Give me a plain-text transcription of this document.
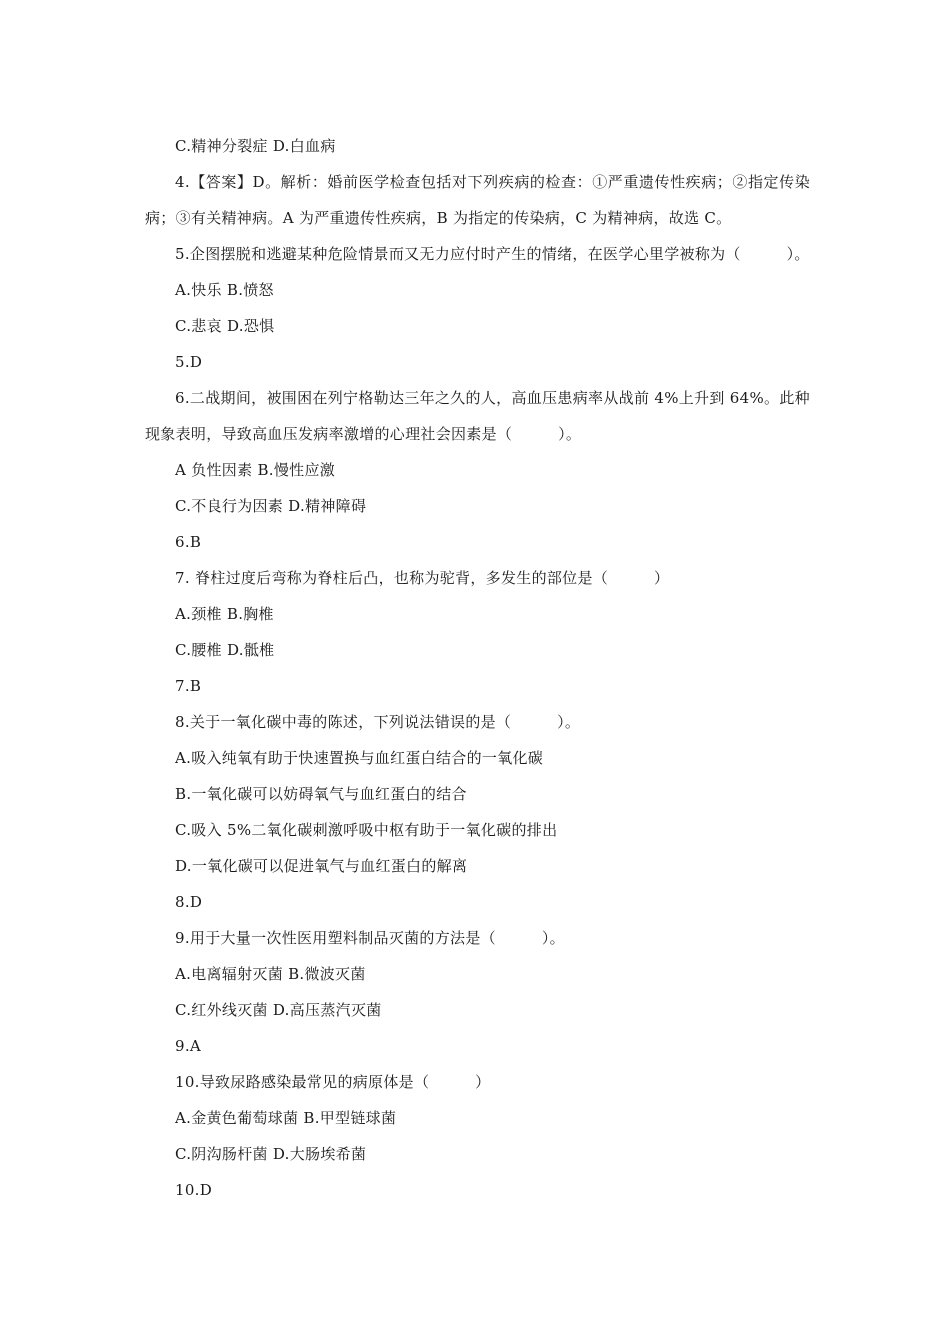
C.精神分裂症 D.白血病

4.【答案】D。解析：婚前医学检查包括对下列疾病的检查：①严重遗传性疾病；②指定传染病；③有关精神病。A 为严重遗传性疾病，B 为指定的传染病，C 为精神病，故选 C。

5.企图摆脱和逃避某种危险情景而又无力应付时产生的情绪，在医学心里学被称为（　　　）。

A.快乐 B.愤怒
C.悲哀 D.恐惧
5.D

6.二战期间，被围困在列宁格勒达三年之久的人，高血压患病率从战前 4%上升到 64%。此种现象表明，导致高血压发病率激增的心理社会因素是（　　　）。

A 负性因素 B.慢性应激
C.不良行为因素 D.精神障碍
6.B
7. 脊柱过度后弯称为脊柱后凸，也称为驼背，多发生的部位是（　　　）
A.颈椎 B.胸椎
C.腰椎 D.骶椎
7.B
8.关于一氧化碳中毒的陈述，下列说法错误的是（　　　）。
A.吸入纯氧有助于快速置换与血红蛋白结合的一氧化碳
B.一氧化碳可以妨碍氧气与血红蛋白的结合
C.吸入 5%二氧化碳刺激呼吸中枢有助于一氧化碳的排出
D.一氧化碳可以促进氧气与血红蛋白的解离
8.D
9.用于大量一次性医用塑料制品灭菌的方法是（　　　）。
A.电离辐射灭菌 B.微波灭菌
C.红外线灭菌 D.高压蒸汽灭菌
9.A
10.导致尿路感染最常见的病原体是（　　　）
A.金黄色葡萄球菌 B.甲型链球菌
C.阴沟肠杆菌 D.大肠埃希菌
10.D
